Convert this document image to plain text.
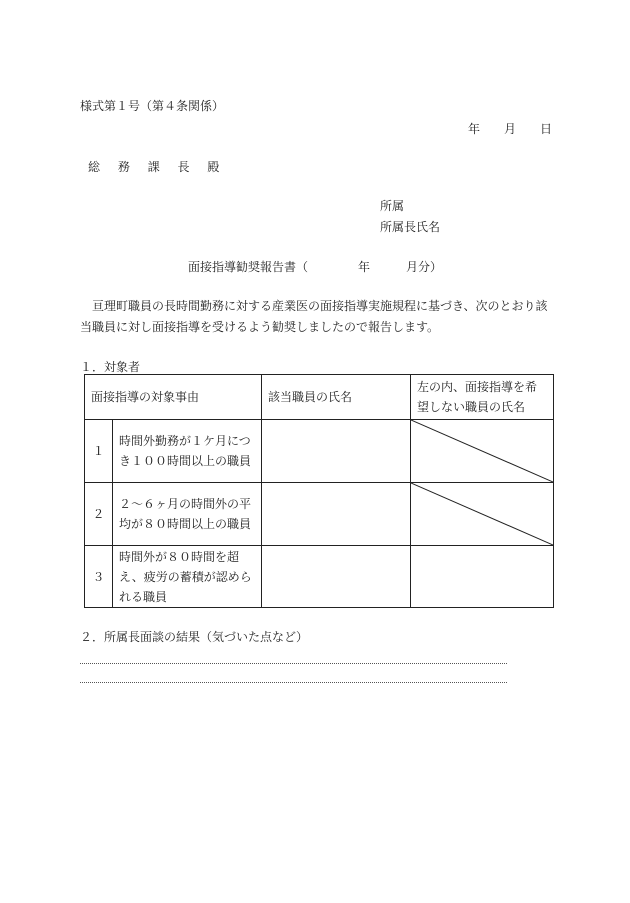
様式第１号（第４条関係）
年 月 日
総 務 課 長 殿
所属
所属長氏名
面接指導勧奨報告書（	年	月分）
亘理町職員の長時間勤務に対する産業医の面接指導実施規程に基づき、次のとおり該当職員に対し面接指導を受けるよう勧奨しましたので報告します。
１．対象者
面接指導の対象事由		該当職員の氏名	左の内、面接指導を希望しない職員の氏名
１	時間外勤務が１ケ月につき１００時間以上の職員		

２	２～６ヶ月の時間外の平均が８０時間以上の職員		

３	時間外が８０時間を超え、疲労の蓄積が認められる職員		
２．所属長面談の結果（気づいた点など）
